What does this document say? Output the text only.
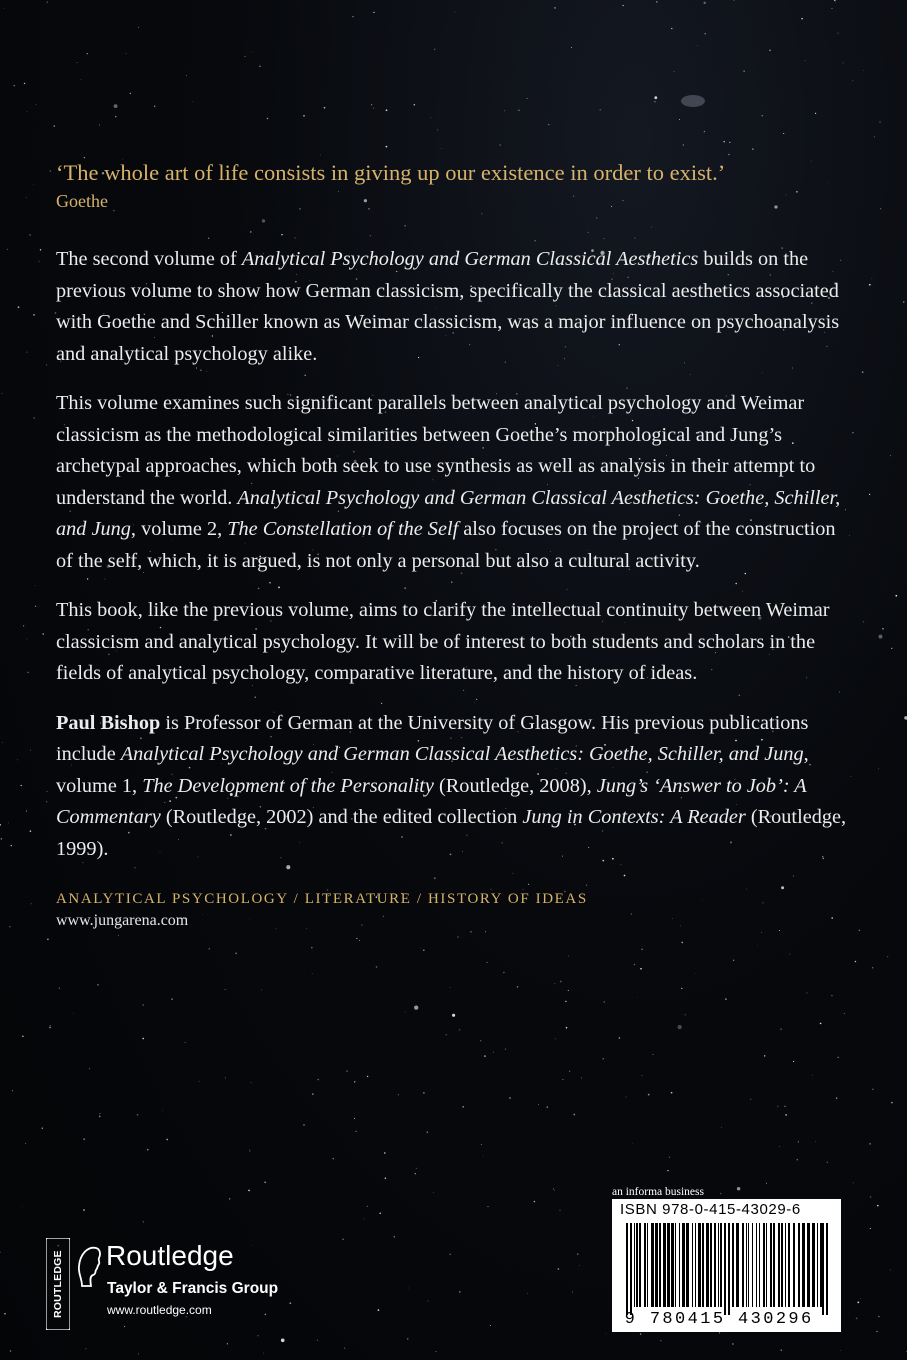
‘The whole art of life consists in giving up our existence in order to exist.’

Goethe

The second volume of Analytical Psychology and German Classical Aesthetics builds on the previous volume to show how German classicism, specifically the classical aesthetics associated with Goethe and Schiller known as Weimar classicism, was a major influence on psychoanalysis and analytical psychology alike.

This volume examines such significant parallels between analytical psychology and Weimar classicism as the methodological similarities between Goethe’s morphological and Jung’s archetypal approaches, which both seek to use synthesis as well as analysis in their attempt to understand the world. Analytical Psychology and German Classical Aesthetics: Goethe, Schiller, and Jung, volume 2, The Constellation of the Self also focuses on the project of the construction of the self, which, it is argued, is not only a personal but also a cultural activity.

This book, like the previous volume, aims to clarify the intellectual continuity between Weimar classicism and analytical psychology. It will be of interest to both students and scholars in the fields of analytical psychology, comparative literature, and the history of ideas.

Paul Bishop is Professor of German at the University of Glasgow. His previous publications include Analytical Psychology and German Classical Aesthetics: Goethe, Schiller, and Jung, volume 1, The Development of the Personality (Routledge, 2008), Jung’s ‘Answer to Job’: A Commentary (Routledge, 2002) and the edited collection Jung in Contexts: A Reader (Routledge, 1999).

ANALYTICAL PSYCHOLOGY / LITERATURE / HISTORY OF IDEAS

www.jungarena.com

ROUTLEDGE Routledge
Taylor & Francis Group
www.routledge.com
an informa business
ISBN 978-0-415-43029-6
9 780415 430296
